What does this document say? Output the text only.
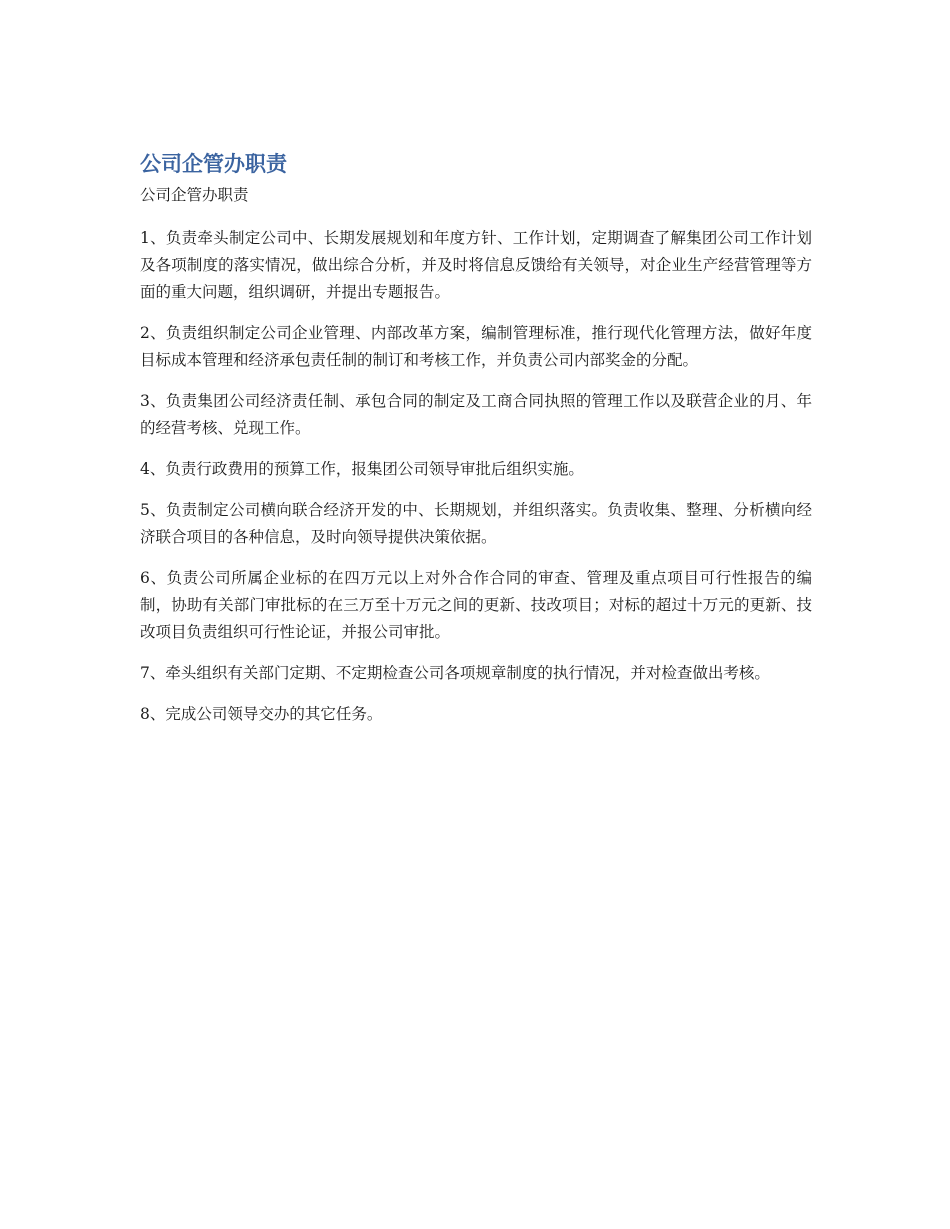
公司企管办职责

公司企管办职责

1、负责牵头制定公司中、长期发展规划和年度方针、工作计划，定期调查了解集团公司工作计划及各项制度的落实情况，做出综合分析，并及时将信息反馈给有关领导，对企业生产经营管理等方面的重大问题，组织调研，并提出专题报告。

2、负责组织制定公司企业管理、内部改革方案，编制管理标准，推行现代化管理方法，做好年度目标成本管理和经济承包责任制的制订和考核工作，并负责公司内部奖金的分配。

3、负责集团公司经济责任制、承包合同的制定及工商合同执照的管理工作以及联营企业的月、年的经营考核、兑现工作。

4、负责行政费用的预算工作，报集团公司领导审批后组织实施。

5、负责制定公司横向联合经济开发的中、长期规划，并组织落实。负责收集、整理、分析横向经济联合项目的各种信息，及时向领导提供决策依据。

6、负责公司所属企业标的在四万元以上对外合作合同的审查、管理及重点项目可行性报告的编制，协助有关部门审批标的在三万至十万元之间的更新、技改项目；对标的超过十万元的更新、技改项目负责组织可行性论证，并报公司审批。

7、牵头组织有关部门定期、不定期检查公司各项规章制度的执行情况，并对检查做出考核。

8、完成公司领导交办的其它任务。
